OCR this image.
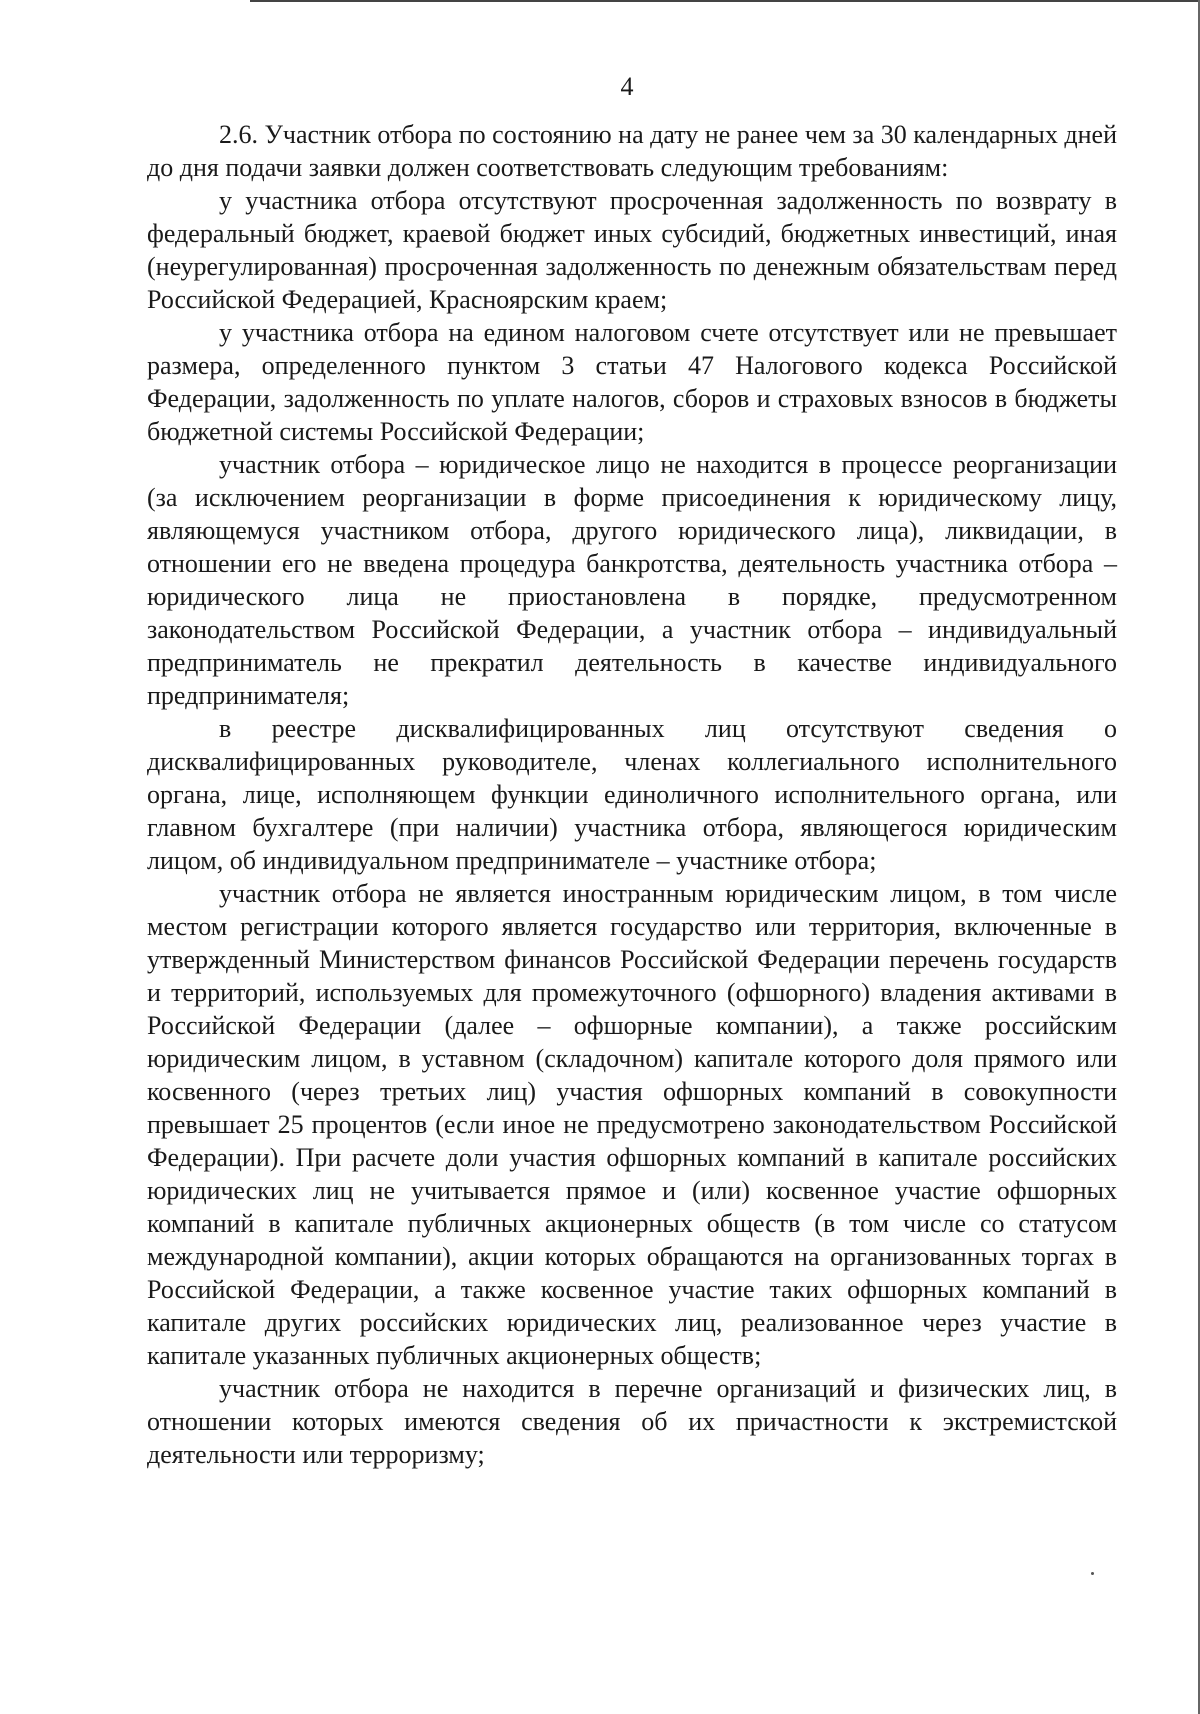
4

2.6. Участник отбора по состоянию на дату не ранее чем за 30 календарных дней до дня подачи заявки должен соответствовать следующим требованиям:

у участника отбора отсутствуют просроченная задолженность по возврату в федеральный бюджет, краевой бюджет иных субсидий, бюджетных инвестиций, иная (неурегулированная) просроченная задолженность по денежным обязательствам перед Российской Федерацией, Красноярским краем;

у участника отбора на едином налоговом счете отсутствует или не превышает размера, определенного пунктом 3 статьи 47 Налогового кодекса Российской Федерации, задолженность по уплате налогов, сборов и страховых взносов в бюджеты бюджетной системы Российской Федерации;

участник отбора – юридическое лицо не находится в процессе реорганизации (за исключением реорганизации в форме присоединения к юридическому лицу, являющемуся участником отбора, другого юридического лица), ликвидации, в отношении его не введена процедура банкротства, деятельность участника отбора – юридического лица не приостановлена в порядке, предусмотренном законодательством Российской Федерации, а участник отбора – индивидуальный предприниматель не прекратил деятельность в качестве индивидуального предпринимателя;

в реестре дисквалифицированных лиц отсутствуют сведения о дисквалифицированных руководителе, членах коллегиального исполнительного органа, лице, исполняющем функции единоличного исполнительного органа, или главном бухгалтере (при наличии) участника отбора, являющегося юридическим лицом, об индивидуальном предпринимателе – участнике отбора;

участник отбора не является иностранным юридическим лицом, в том числе местом регистрации которого является государство или территория, включенные в утвержденный Министерством финансов Российской Федерации перечень государств и территорий, используемых для промежуточного (офшорного) владения активами в Российской Федерации (далее – офшорные компании), а также российским юридическим лицом, в уставном (складочном) капитале которого доля прямого или косвенного (через третьих лиц) участия офшорных компаний в совокупности превышает 25 процентов (если иное не предусмотрено законодательством Российской Федерации). При расчете доли участия офшорных компаний в капитале российских юридических лиц не учитывается прямое и (или) косвенное участие офшорных компаний в капитале публичных акционерных обществ (в том числе со статусом международной компании), акции которых обращаются на организованных торгах в Российской Федерации, а также косвенное участие таких офшорных компаний в капитале других российских юридических лиц, реализованное через участие в капитале указанных публичных акционерных обществ;

участник отбора не находится в перечне организаций и физических лиц, в отношении которых имеются сведения об их причастности к экстремистской деятельности или терроризму;
